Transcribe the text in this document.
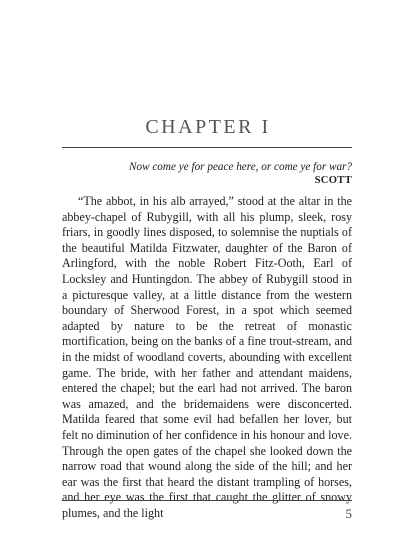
CHAPTER I
Now come ye for peace here, or come ye for war?
SCOTT

“The abbot, in his alb arrayed,” stood at the altar in the abbey-chapel of Rubygill, with all his plump, sleek, rosy friars, in goodly lines disposed, to solemnise the nuptials of the beautiful Matilda Fitzwater, daughter of the Baron of Arlingford, with the noble Robert Fitz-Ooth, Earl of Locksley and Huntingdon. The abbey of Rubygill stood in a picturesque valley, at a little distance from the western boundary of Sherwood Forest, in a spot which seemed adapted by nature to be the retreat of monastic mortification, being on the banks of a fine trout-stream, and in the midst of woodland coverts, abounding with excellent game. The bride, with her father and attendant maidens, entered the chapel; but the earl had not arrived. The baron was amazed, and the bridemaidens were disconcerted. Matilda feared that some evil had befallen her lover, but felt no diminution of her confidence in his honour and love. Through the open gates of the chapel she looked down the narrow road that wound along the side of the hill; and her ear was the first that heard the distant trampling of horses, and her eye was the first that caught the glitter of snowy plumes, and the light	5
